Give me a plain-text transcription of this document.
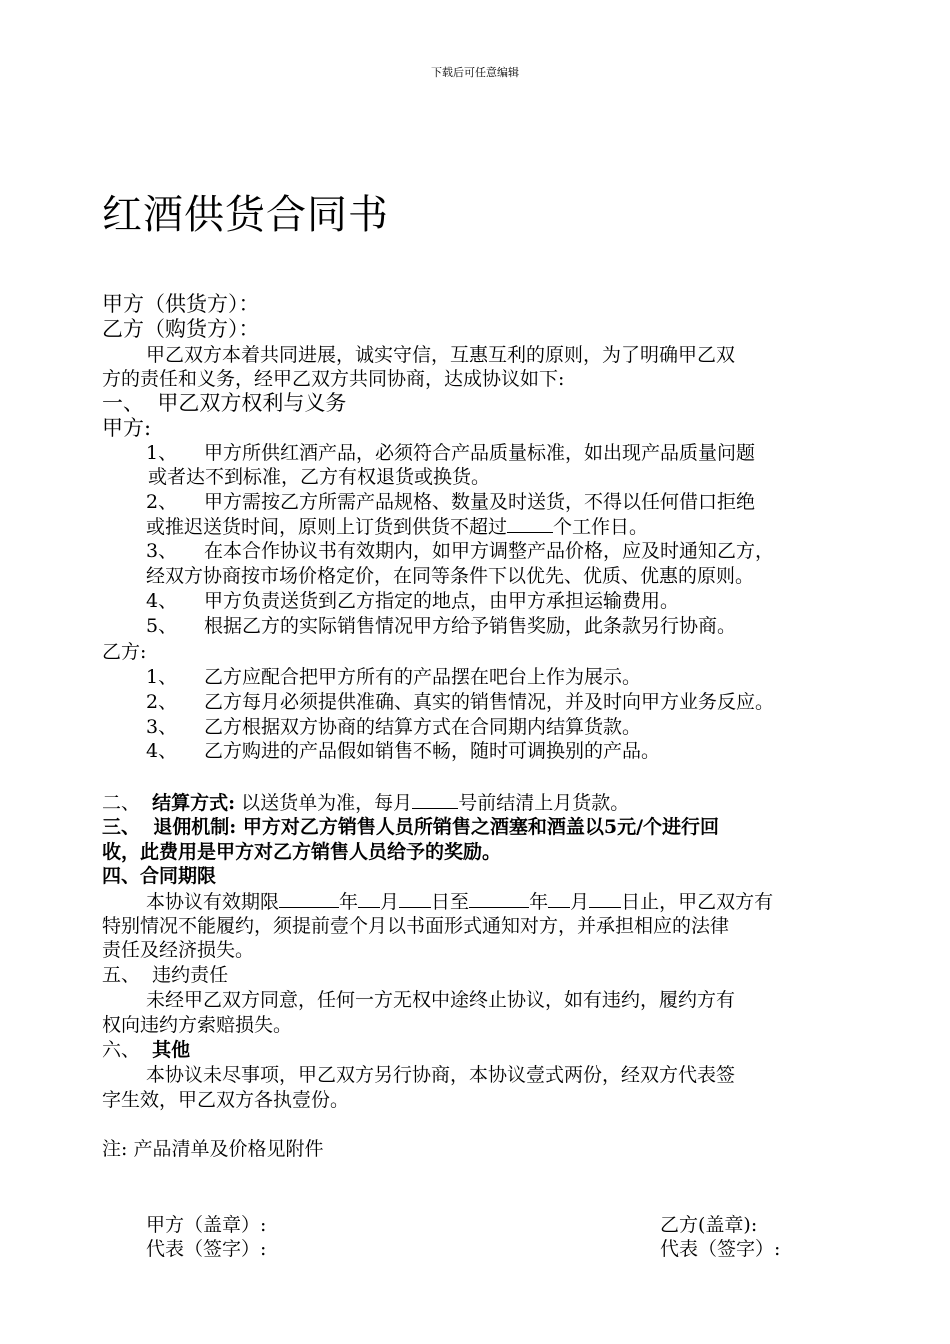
下载后可任意编辑
红酒供货合同书
甲方（供货方）：
乙方（购货方）：
甲乙双方本着共同进展，诚实守信，互惠互利的原则，为了明确甲乙双
方的责任和义务，经甲乙双方共同协商，达成协议如下:
一、  甲乙双方权利与义务
甲方:
1、 甲方所供红酒产品，必须符合产品质量标准，如出现产品质量问题
或者达不到标准，乙方有权退货或换货。
2、 甲方需按乙方所需产品规格、数量及时送货，不得以任何借口拒绝
或推迟送货时间，原则上订货到供货不超过 个工作日。
3、 在本合作协议书有效期内，如甲方调整产品价格，应及时通知乙方，
经双方协商按市场价格定价，在同等条件下以优先、优质、优惠的原则。
4、 甲方负责送货到乙方指定的地点，由甲方承担运输费用。
5、 根据乙方的实际销售情况甲方给予销售奖励，此条款另行协商。
乙方:
1、 乙方应配合把甲方所有的产品摆在吧台上作为展示。
2、 乙方每月必须提供准确、真实的销售情况，并及时向甲方业务反应。
3、 乙方根据双方协商的结算方式在合同期内结算货款。
4、 乙方购进的产品假如销售不畅，随时可调换别的产品。
二、 结算方式: 以送货单为准，每月 号前结清上月货款。
三、  退佣机制: 甲方对乙方销售人员所销售之酒塞和酒盖以5元/个进行回
收，此费用是甲方对乙方销售人员给予的奖励。
四、合同期限
本协议有效期限	年 月 日至	年 月 日止，甲乙双方有
特别情况不能履约，须提前壹个月以书面形式通知对方，并承担相应的法律
责任及经济损失。
五、  违约责任
未经甲乙双方同意，任何一方无权中途终止协议，如有违约，履约方有
权向违约方索赔损失。
六、 其他
本协议未尽事项，甲乙双方另行协商，本协议壹式两份，经双方代表签
字生效，甲乙双方各执壹份。
注: 产品清单及价格见附件
甲方（盖章）:
代表（签字）:
乙方(盖章):
代表（签字）:
